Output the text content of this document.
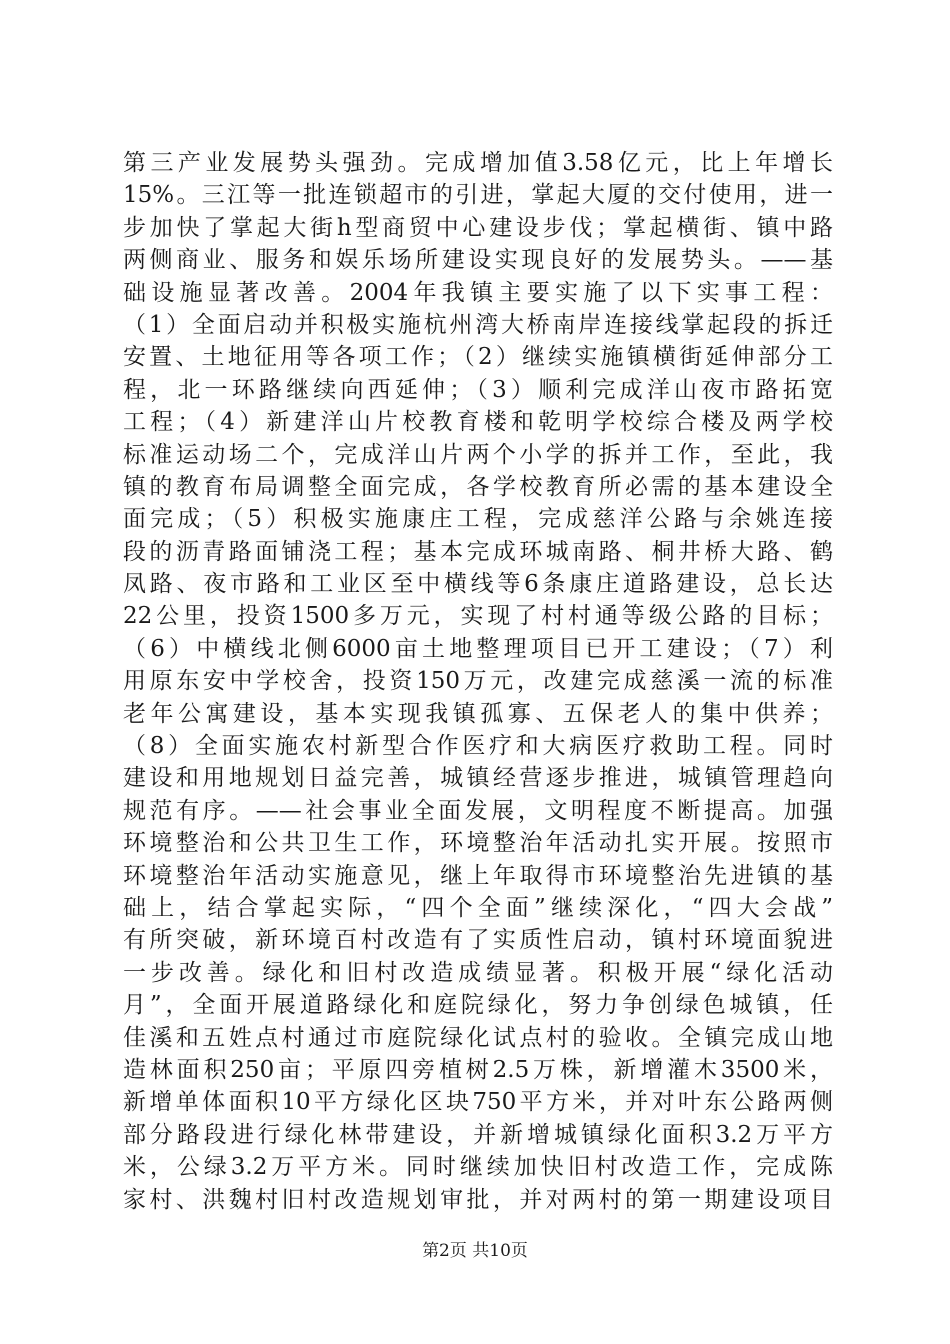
第三产业发展势头强劲。完成增加值3.58亿元，比上年增长
15%。三江等一批连锁超市的引进，掌起大厦的交付使用，进一
步加快了掌起大街h型商贸中心建设步伐；掌起横街、镇中路
两侧商业、服务和娱乐场所建设实现良好的发展势头。——基
础设施显著改善。2004年我镇主要实施了以下实事工程：
（1）全面启动并积极实施杭州湾大桥南岸连接线掌起段的拆迁
安置、土地征用等各项工作；（2）继续实施镇横街延伸部分工
程，北一环路继续向西延伸；（3）顺利完成洋山夜市路拓宽
工程；（4）新建洋山片校教育楼和乾明学校综合楼及两学校
标准运动场二个，完成洋山片两个小学的拆并工作，至此，我
镇的教育布局调整全面完成，各学校教育所必需的基本建设全
面完成；（5）积极实施康庄工程，完成慈洋公路与余姚连接
段的沥青路面铺浇工程；基本完成环城南路、桐井桥大路、鹤
凤路、夜市路和工业区至中横线等6条康庄道路建设，总长达
22公里，投资1500多万元，实现了村村通等级公路的目标；
（6）中横线北侧6000亩土地整理项目已开工建设；（7）利
用原东安中学校舍，投资150万元，改建完成慈溪一流的标准
老年公寓建设，基本实现我镇孤寡、五保老人的集中供养；
（8）全面实施农村新型合作医疗和大病医疗救助工程。同时
建设和用地规划日益完善，城镇经营逐步推进，城镇管理趋向
规范有序。——社会事业全面发展，文明程度不断提高。加强
环境整治和公共卫生工作，环境整治年活动扎实开展。按照市
环境整治年活动实施意见，继上年取得市环境整治先进镇的基
础上，结合掌起实际，“四个全面”继续深化，“四大会战”
有所突破，新环境百村改造有了实质性启动，镇村环境面貌进
一步改善。绿化和旧村改造成绩显著。积极开展“绿化活动
月”，全面开展道路绿化和庭院绿化，努力争创绿色城镇，任
佳溪和五姓点村通过市庭院绿化试点村的验收。全镇完成山地
造林面积250亩；平原四旁植树2.5万株，新增灌木3500米，
新增单体面积10平方绿化区块750平方米，并对叶东公路两侧
部分路段进行绿化林带建设，并新增城镇绿化面积3.2万平方
米，公绿3.2万平方米。同时继续加快旧村改造工作，完成陈
家村、洪魏村旧村改造规划审批，并对两村的第一期建设项目
第2页 共10页
